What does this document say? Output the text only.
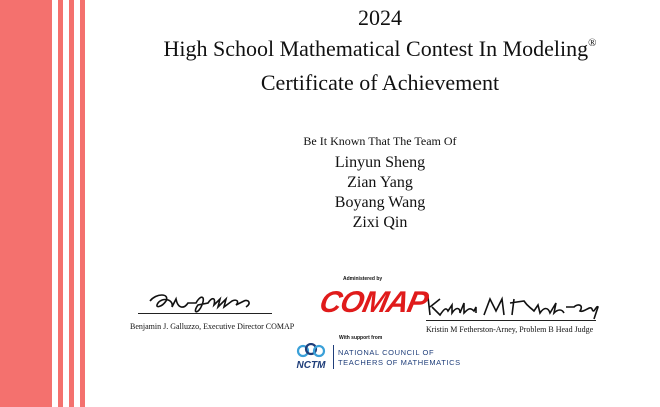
2024
High School Mathematical Contest In Modeling®
Certificate of Achievement
Be It Known That The Team Of
Linyun Sheng
Zian Yang
Boyang Wang
Zixi Qin
Benjamin J. Galluzzo, Executive Director COMAP	Kristin M Fetherston-Arney, Problem B Head Judge
Administered by
COMAP
With support from
NCTM
NATIONAL COUNCIL OF
TEACHERS OF MATHEMATICS
